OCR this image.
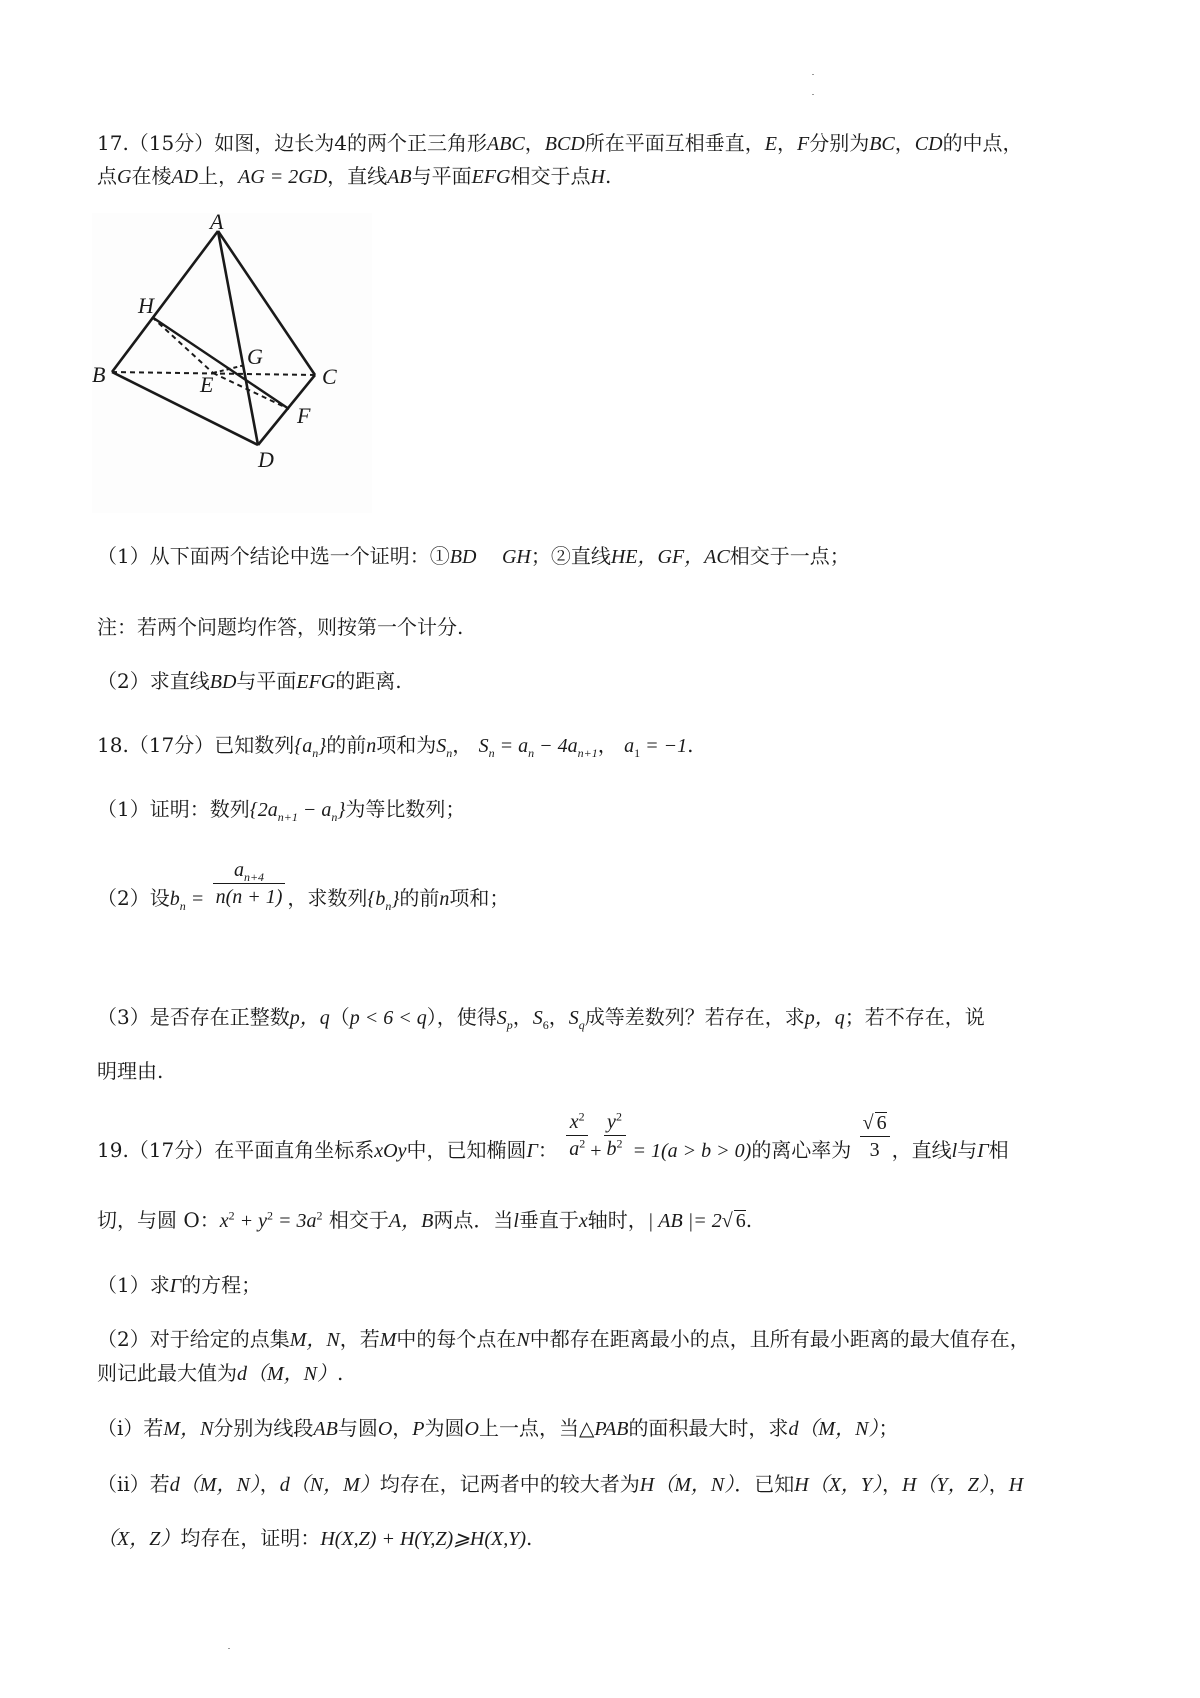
17.（15分）如图，边长为4的两个正三角形ABC，BCD所在平面互相垂直，E，F分别为BC，CD的中点，
点G在棱AD上，AG = 2GD，直线AB与平面EFG相交于点H.
A
H
G
B	E	C
F
D
（1）从下面两个结论中选一个证明：①BD ⃞ GH；②直线HE，GF，AC相交于一点；
注：若两个问题均作答，则按第一个计分.
（2）求直线BD与平面EFG的距离.
18.（17分）已知数列$\{a_n\}$的前n项和为$S_n$， $S_n = a_n - 4a_{n+1}$， $a_1 = -1$.
（1）证明：数列$\{2a_{n+1} - a_n\}$为等比数列；
（2）设$b_n = \frac{a_{n+4}}{n(n + 1)}$ ，求数列$\{b_n\}$的前n项和；
（3）是否存在正整数p，q（p < 6 < q），使得$S_p$，$S_6$，$S_q$成等差数列？若存在，求p，q；若不存在，说
明理由.
19.（17分）在平面直角坐标系xOy中，已知椭圆Γ： $\frac{x^2}{a^2} + \frac{y^2}{b^2} = 1(a > b > 0)$的离心率为 $\frac{√ 6}{3}$ ，直线l与Γ相
切，与圆 O：$x^2 + y^2 = 3a^2$ 相交于A，B两点．当l垂直于x轴时，| AB |= 2√ 6.
（1）求Γ的方程；
（2）对于给定的点集M，N，若M中的每个点在N中都存在距离最小的点，且所有最小距离的最大值存在，
则记此最大值为d（M，N）.
（ⅰ）若M，N分别为线段AB与圆O，P为圆O上一点，当△PAB的面积最大时，求d（M，N）；
（ⅱ）若d（M，N），d（N，M）均存在，记两者中的较大者为H（M，N）．已知H（X，Y），H（Y，Z），H
（X，Z）均存在，证明：H(X,Z) + H(Y,Z)⩾H(X,Y).
